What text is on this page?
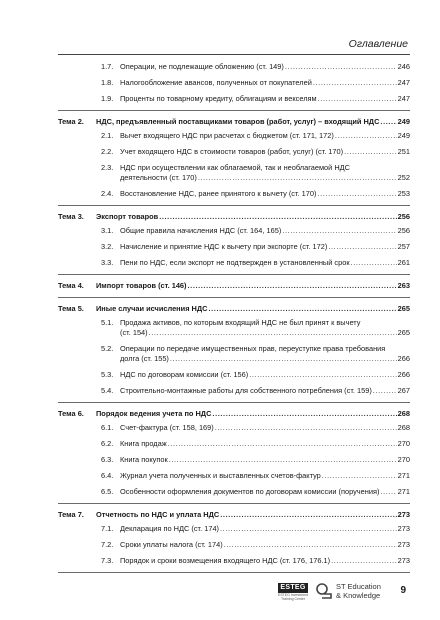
Оглавление
1.7. Операции, не подлежащие обложению (ст. 149) .....	246
1.8. Налогообложение авансов, полученных от покупателей .....	247
1.9. Проценты по товарному кредиту, облигациям и векселям .....	247
Тема 2. НДС, предъявленный поставщиками товаров (работ, услуг) – входящий НДС ..... 249
2.1. Вычет входящего НДС при расчетах с бюджетом (ст. 171, 172) .....	249
2.2. Учет входящего НДС в стоимости товаров (работ, услуг) (ст. 170) .....	251
2.3. НДС при осуществлении как облагаемой, так и необлагаемой НДС
деятельности (ст. 170) .....	252
2.4. Восстановление НДС, ранее принятого к вычету (ст. 170) .....	253
Тема 3. Экспорт товаров .....	256
3.1. Общие правила начисления НДС (ст. 164, 165) .....	256
3.2. Начисление и принятие НДС к вычету при экспорте (ст. 172) .....	257
3.3. Пени по НДС, если экспорт не подтвержден в установленный срок .....	261
Тема 4. Импорт товаров (ст. 146) .....	263
Тема 5. Иные случаи исчисления НДС .....	265
5.1. Продажа активов, по которым входящий НДС не был принят к вычету
(ст. 154) .....	265
5.2. Операции по передаче имущественных прав, переуступке права требования
долга (ст. 155) .....	266
5.3. НДС по договорам комиссии (ст. 156) .....	266
5.4. Строительно-монтажные работы для собственного потребления (ст. 159) .....	267
Тема 6. Порядок ведения учета по НДС .....	268
6.1. Счет-фактура (ст. 158, 169) .....	268
6.2. Книга продаж .....	270
6.3. Книга покупок .....	270
6.4. Журнал учета полученных и выставленных счетов-фактур .....	271
6.5. Особенности оформления документов по договорам комиссии (поручения) ..... 271
Тема 7. Отчетность по НДС и уплата НДС .....	273
7.1. Декларация по НДС (ст. 174) .....	273
7.2. Сроки уплаты налога (ст. 174) .....	273
7.3. Порядок и сроки возмещения входящего НДС (ст. 176, 176.1) .....	273
ESTEG
ESTEG Investment Training Center
ST Education
& Knowledge 9
